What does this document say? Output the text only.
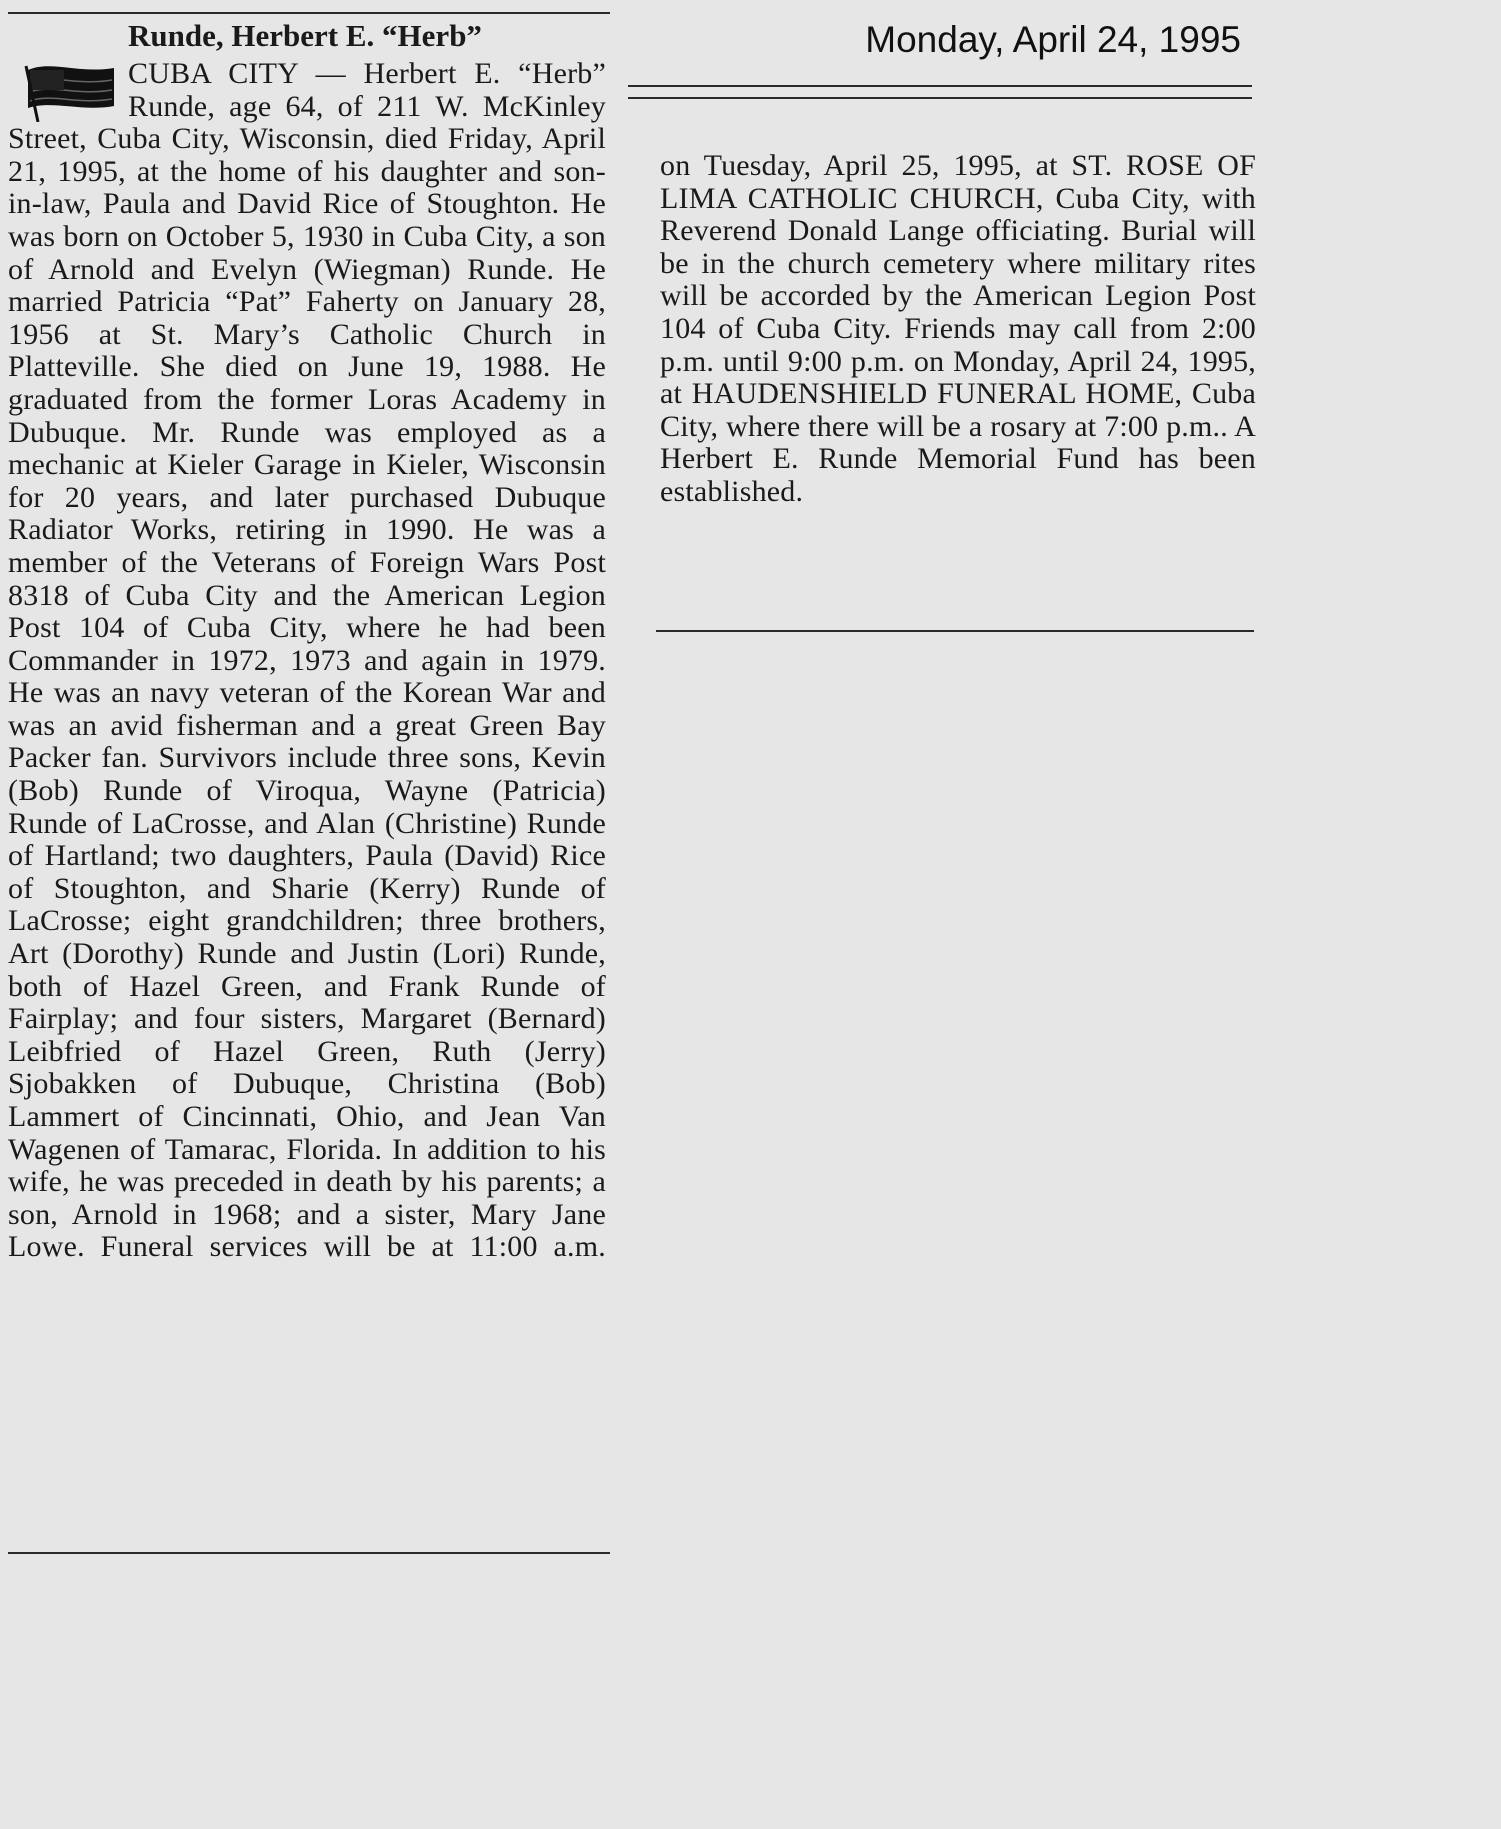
Monday, April 24, 1995
Runde, Herbert E. “Herb”
CUBA CITY — Herbert E. “Herb” Runde, age 64, of 211 W. McKinley Street, Cuba City, Wisconsin, died Friday, April 21, 1995, at the home of his daughter and son-in-law, Paula and David Rice of Stoughton. He was born on October 5, 1930 in Cuba City, a son of Arnold and Evelyn (Wiegman) Runde. He married Patricia “Pat” Faherty on January 28, 1956 at St. Mary’s Catholic Church in Platteville. She died on June 19, 1988. He graduated from the former Loras Academy in Dubuque. Mr. Runde was employed as a mechanic at Kieler Garage in Kieler, Wisconsin for 20 years, and later purchased Dubuque Radiator Works, retiring in 1990. He was a member of the Veterans of Foreign Wars Post 8318 of Cuba City and the American Legion Post 104 of Cuba City, where he had been Commander in 1972, 1973 and again in 1979. He was an navy veteran of the Korean War and was an avid fisherman and a great Green Bay Packer fan. Survivors include three sons, Kevin (Bob) Runde of Viroqua, Wayne (Patricia) Runde of LaCrosse, and Alan (Christine) Runde of Hartland; two daughters, Paula (David) Rice of Stoughton, and Sharie (Kerry) Runde of LaCrosse; eight grandchildren; three brothers, Art (Dorothy) Runde and Justin (Lori) Runde, both of Hazel Green, and Frank Runde of Fairplay; and four sisters, Margaret (Bernard) Leibfried of Hazel Green, Ruth (Jerry) Sjobakken of Dubuque, Christina (Bob) Lammert of Cincinnati, Ohio, and Jean Van Wagenen of Tamarac, Florida. In addition to his wife, he was preceded in death by his parents; a son, Arnold in 1968; and a sister, Mary Jane Lowe. Funeral services will be at 11:00 a.m.
on Tuesday, April 25, 1995, at ST. ROSE OF LIMA CATHOLIC CHURCH, Cuba City, with Reverend Donald Lange officiating. Burial will be in the church cemetery where military rites will be accorded by the American Legion Post 104 of Cuba City. Friends may call from 2:00 p.m. until 9:00 p.m. on Monday, April 24, 1995, at HAUDENSHIELD FUNERAL HOME, Cuba City, where there will be a rosary at 7:00 p.m.. A Herbert E. Runde Memorial Fund has been established.
